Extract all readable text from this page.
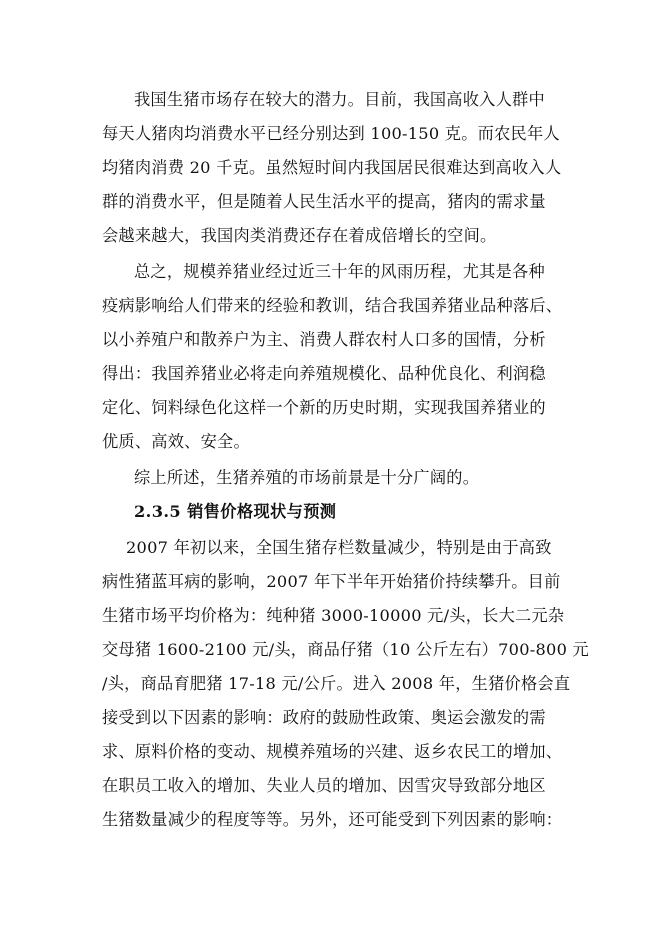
我国生猪市场存在较大的潜力。目前，我国高收入人群中
每天人猪肉均消费水平已经分别达到 100-150 克。而农民年人
均猪肉消费 20 千克。虽然短时间内我国居民很难达到高收入人
群的消费水平，但是随着人民生活水平的提高，猪肉的需求量
会越来越大，我国肉类消费还存在着成倍增长的空间。
总之，规模养猪业经过近三十年的风雨历程，尤其是各种
疫病影响给人们带来的经验和教训，结合我国养猪业品种落后、
以小养殖户和散养户为主、消费人群农村人口多的国情，分析
得出：我国养猪业必将走向养殖规模化、品种优良化、利润稳
定化、饲料绿色化这样一个新的历史时期，实现我国养猪业的
优质、高效、安全。
综上所述，生猪养殖的市场前景是十分广阔的。
2.3.5 销售价格现状与预测
2007 年初以来，全国生猪存栏数量减少，特别是由于高致
病性猪蓝耳病的影响，2007 年下半年开始猪价持续攀升。目前
生猪市场平均价格为：纯种猪 3000-10000 元/头，长大二元杂
交母猪 1600-2100 元/头，商品仔猪（10 公斤左右）700-800 元
/头，商品育肥猪 17-18 元/公斤。进入 2008 年，生猪价格会直
接受到以下因素的影响：政府的鼓励性政策、奥运会激发的需
求、原料价格的变动、规模养殖场的兴建、返乡农民工的增加、
在职员工收入的增加、失业人员的增加、因雪灾导致部分地区
生猪数量减少的程度等等。另外，还可能受到下列因素的影响：
